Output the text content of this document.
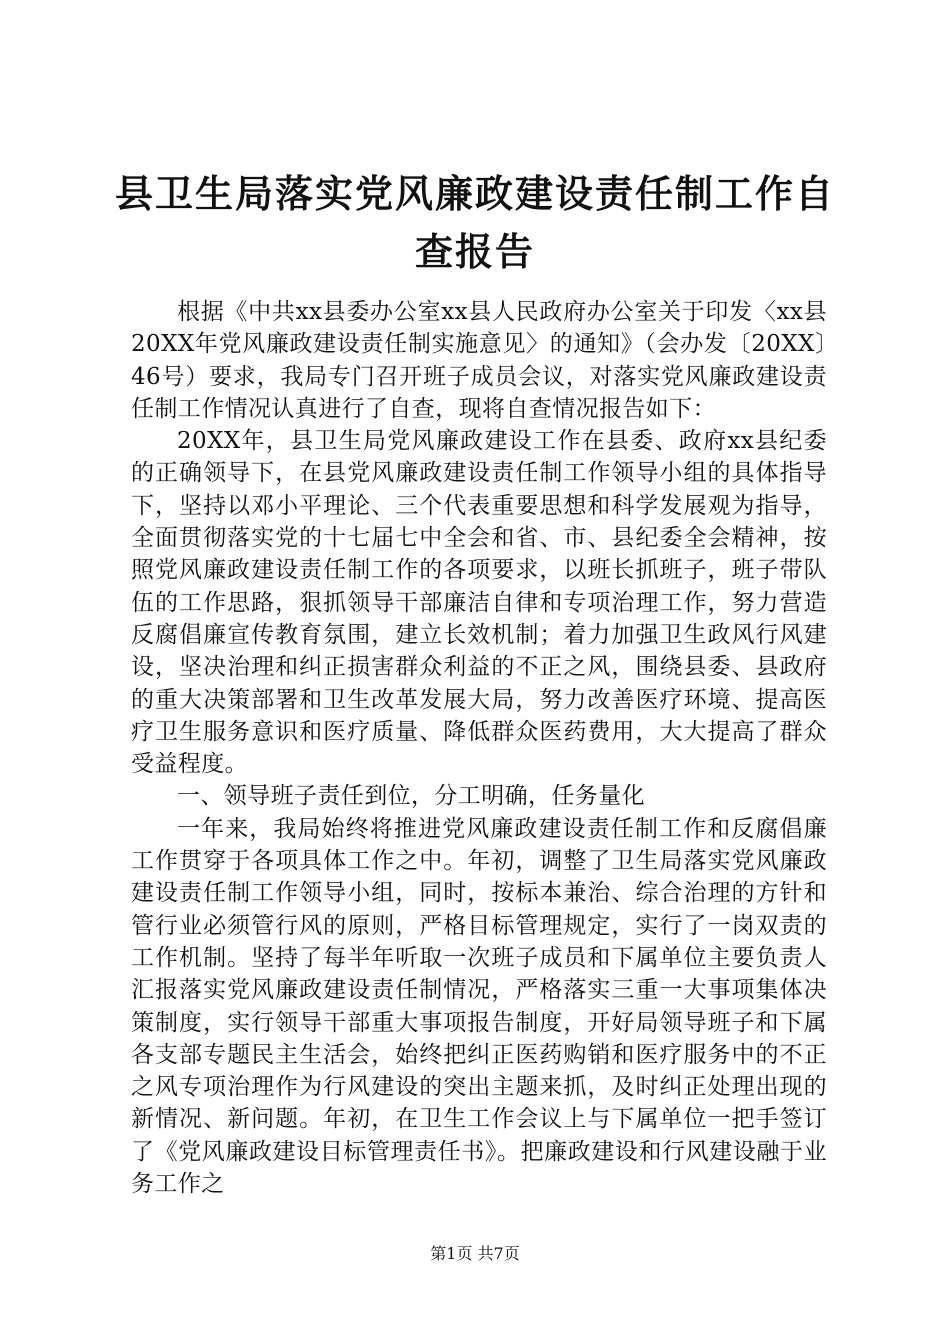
县卫生局落实党风廉政建设责任制工作自查报告

根据《中共xx县委办公室xx县人民政府办公室关于印发〈xx县20XX年党风廉政建设责任制实施意见〉的通知》（会办发〔20XX〕46号）要求，我局专门召开班子成员会议，对落实党风廉政建设责任制工作情况认真进行了自查，现将自查情况报告如下：

20XX年，县卫生局党风廉政建设工作在县委、政府xx县纪委的正确领导下，在县党风廉政建设责任制工作领导小组的具体指导下，坚持以邓小平理论、三个代表重要思想和科学发展观为指导，全面贯彻落实党的十七届七中全会和省、市、县纪委全会精神，按照党风廉政建设责任制工作的各项要求，以班长抓班子，班子带队伍的工作思路，狠抓领导干部廉洁自律和专项治理工作，努力营造反腐倡廉宣传教育氛围，建立长效机制；着力加强卫生政风行风建设，坚决治理和纠正损害群众利益的不正之风，围绕县委、县政府的重大决策部署和卫生改革发展大局，努力改善医疗环境、提高医疗卫生服务意识和医疗质量、降低群众医药费用，大大提高了群众受益程度。

一、领导班子责任到位，分工明确，任务量化

一年来，我局始终将推进党风廉政建设责任制工作和反腐倡廉工作贯穿于各项具体工作之中。年初，调整了卫生局落实党风廉政建设责任制工作领导小组，同时，按标本兼治、综合治理的方针和管行业必须管行风的原则，严格目标管理规定，实行了一岗双责的工作机制。坚持了每半年听取一次班子成员和下属单位主要负责人汇报落实党风廉政建设责任制情况，严格落实三重一大事项集体决策制度，实行领导干部重大事项报告制度，开好局领导班子和下属各支部专题民主生活会，始终把纠正医药购销和医疗服务中的不正之风专项治理作为行风建设的突出主题来抓，及时纠正处理出现的新情况、新问题。年初，在卫生工作会议上与下属单位一把手签订了《党风廉政建设目标管理责任书》。把廉政建设和行风建设融于业务工作之

第1页 共7页
